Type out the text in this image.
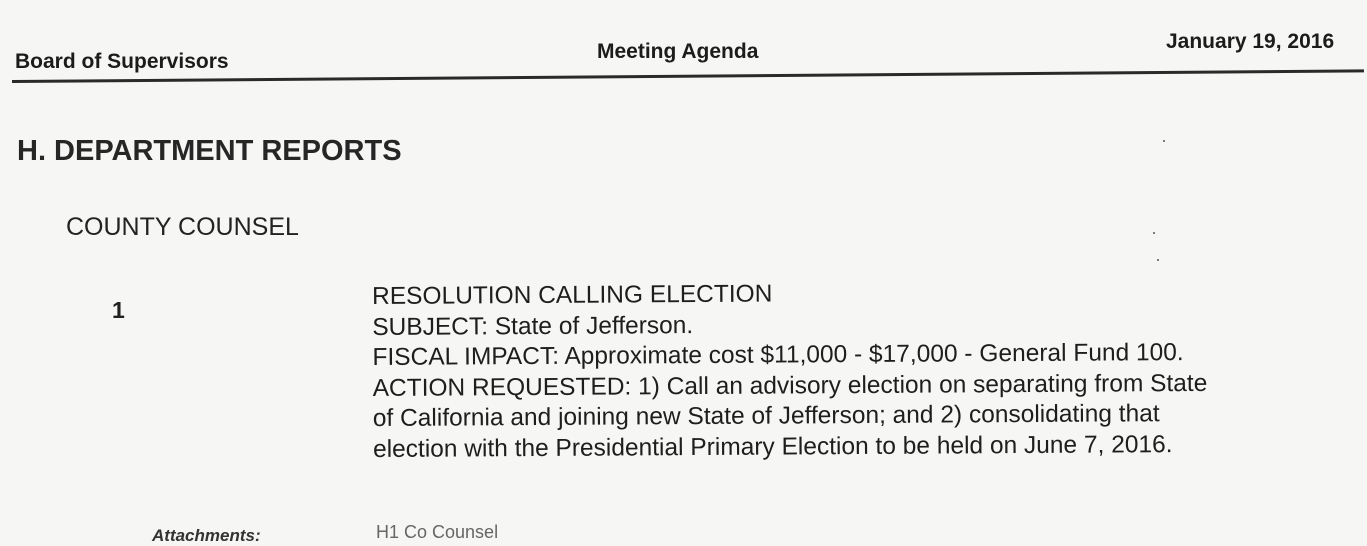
Board of Supervisors	Meeting Agenda	January 19, 2016
H. DEPARTMENT REPORTS
COUNTY COUNSEL
1
RESOLUTION CALLING ELECTION
SUBJECT: State of Jefferson.
FISCAL IMPACT: Approximate cost $11,000 - $17,000 - General Fund 100.
ACTION REQUESTED: 1) Call an advisory election on separating from State
of California and joining new State of Jefferson; and 2) consolidating that
election with the Presidential Primary Election to be held on June 7, 2016.
Attachments:	H1 Co Counsel
